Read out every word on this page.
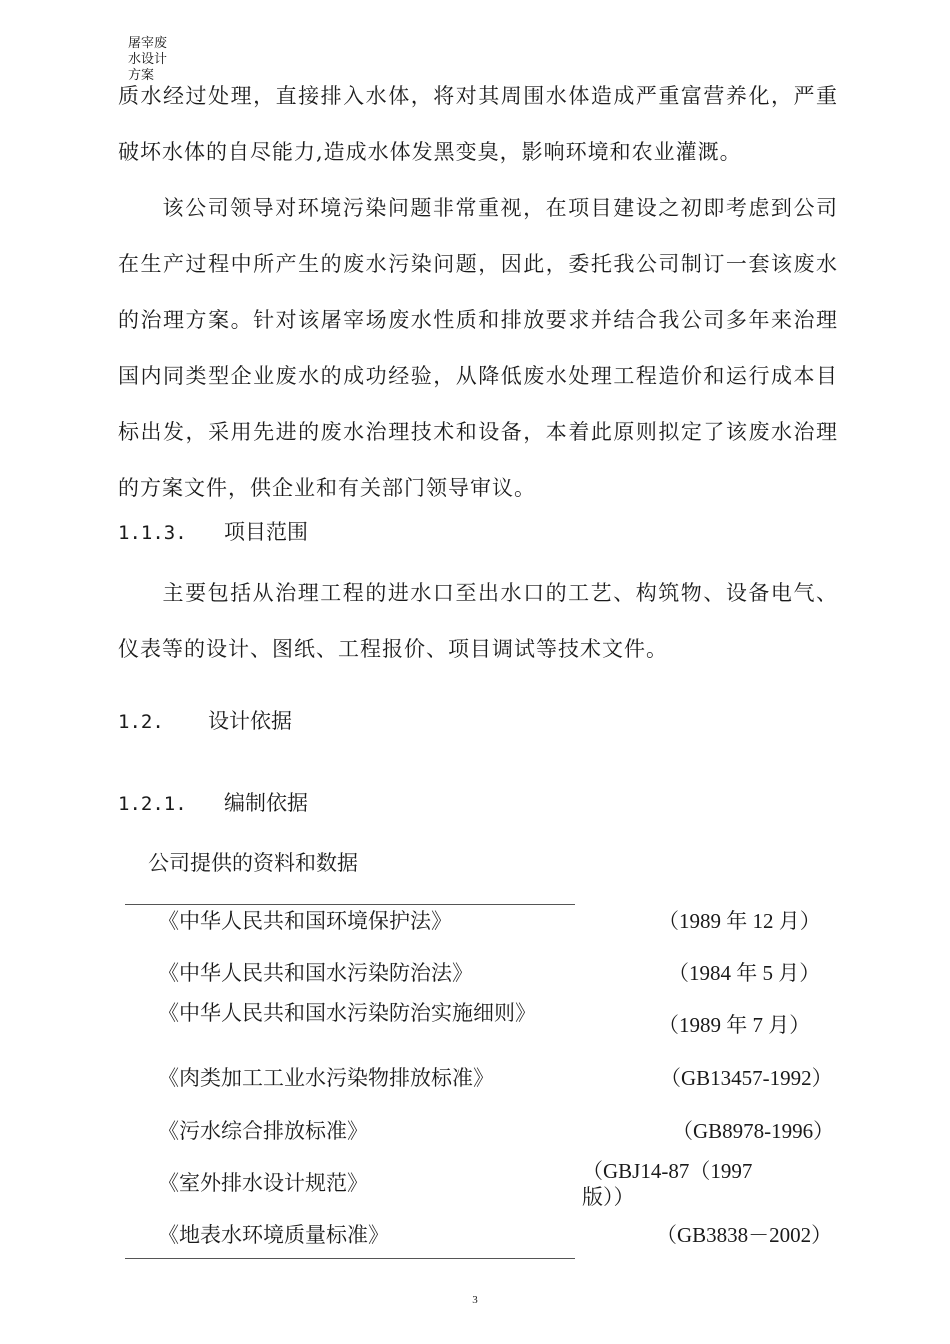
屠宰废水设计方案
质水经过处理，直接排入水体，将对其周围水体造成严重富营养化，严重破坏水体的自尽能力,造成水体发黑变臭，影响环境和农业灌溉。
该公司领导对环境污染问题非常重视，在项目建设之初即考虑到公司在生产过程中所产生的废水污染问题，因此，委托我公司制订一套该废水的治理方案。针对该屠宰场废水性质和排放要求并结合我公司多年来治理国内同类型企业废水的成功经验，从降低废水处理工程造价和运行成本目标出发，采用先进的废水治理技术和设备，本着此原则拟定了该废水治理的方案文件，供企业和有关部门领导审议。
1.1.3. 项目范围
主要包括从治理工程的进水口至出水口的工艺、构筑物、设备电气、仪表等的设计、图纸、工程报价、项目调试等技术文件。
1.2. 设计依据
1.2.1. 编制依据
公司提供的资料和数据
《中华人民共和国环境保护法》	（1989 年 12 月）
《中华人民共和国水污染防治法》	（1984 年 5 月）
《中华人民共和国水污染防治实施细则》	（1989 年 7 月）
《肉类加工工业水污染物排放标准》	（GB13457-1992）
《污水综合排放标准》	（GB8978-1996）
《室外排水设计规范》	（GBJ14-87（1997 版））
《地表水环境质量标准》	（GB3838－2002）
3
